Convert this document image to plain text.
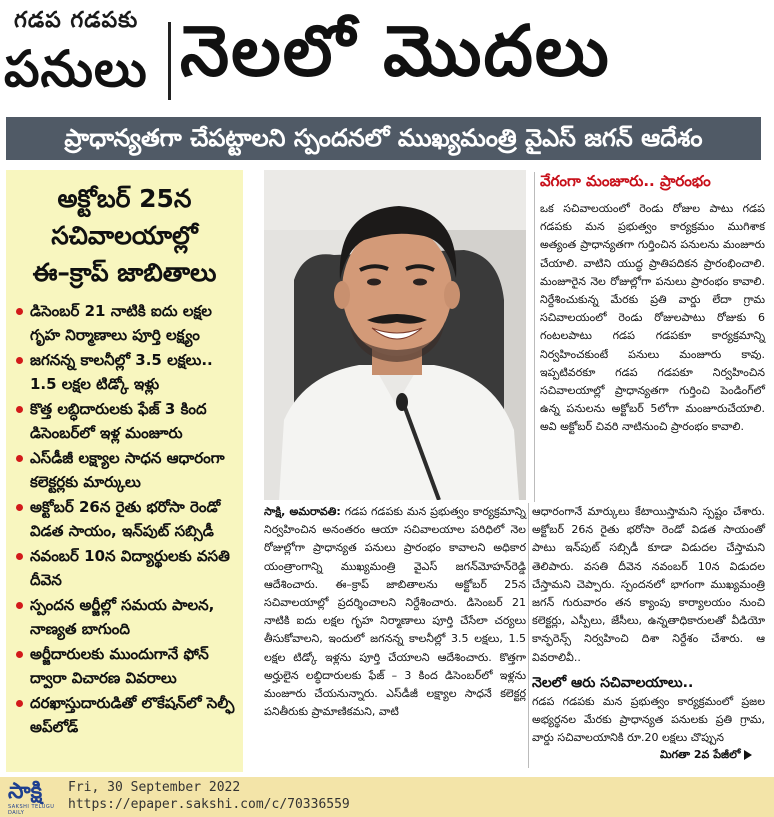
గడప గడపకు
పనులు నెలలో మొదలు
ప్రాధాన్యతగా చేపట్టాలని స్పందనలో ముఖ్యమంత్రి వైఎస్ జగన్ ఆదేశం
అక్టోబర్ 25న
సచివాలయాల్లో
ఈ–క్రాప్ జాబితాలు
డిసెంబర్ 21 నాటికి ఐదు లక్షల గృహ నిర్మాణాలు పూర్తి లక్ష్యం
జగనన్న కాలనీల్లో 3.5 లక్షలు.. 1.5 లక్షల టిడ్కో ఇళ్లు
కొత్త లబ్ధిదారులకు ఫేజ్ 3 కింద డిసెంబర్‌లో ఇళ్ల మంజూరు
ఎస్‌డీజీ లక్ష్యాల సాధన ఆధారంగా కలెక్టర్లకు మార్కులు
అక్టోబర్ 26న రైతు భరోసా రెండో విడత సాయం, ఇన్‌పుట్ సబ్సిడీ
నవంబర్ 10న విద్యార్థులకు వసతి దీవెన
స్పందన అర్జీల్లో సమయ పాలన, నాణ్యత బాగుంది
అర్జీదారులకు ముందుగానే ఫోన్ ద్వారా విచారణ వివరాలు
దరఖాస్తుదారుడితో లొకేషన్‌లో సెల్ఫీ అప్‌లోడ్
వేగంగా మంజూరు.. ప్రారంభం
ఒక సచివాలయంలో రెండు రోజుల పాటు గడప గడపకు మన ప్రభుత్వం కార్యక్రమం ముగిశాక అత్యంత ప్రాధాన్యతగా గుర్తించిన పనులను మంజూరు చేయాలి. వాటిని యుద్ధ ప్రాతిపదికన ప్రారంభించాలి. మంజూరైన నెల రోజుల్లోగా పనులు ప్రారంభం కావాలి. నిర్దేశించుకున్న మేరకు ప్రతి వార్డు లేదా గ్రామ సచివాలయంలో రెండు రోజులపాటు రోజుకు 6 గంటలపాటు గడప గడపకూ కార్యక్రమాన్ని నిర్వహించకుంటే పనులు మంజూరు కావు. ఇప్పటివరకూ గడప గడపకూ నిర్వహించిన సచివాలయాల్లో ప్రాధాన్యతగా గుర్తించి పెండింగ్‌లో ఉన్న పనులను అక్టోబర్ 5లోగా మంజూరుచేయాలి. అవి అక్టోబర్ చివరి నాటినుంచి ప్రారంభం కావాలి.
సాక్షి, అమరావతి: గడప గడపకు మన ప్రభుత్వం కార్యక్రమాన్ని నిర్వహించిన అనంతరం ఆయా సచివాలయాల పరిధిలో నెల రోజుల్లోగా ప్రాధాన్యత పనులు ప్రారంభం కావాలని అధికార యంత్రాంగాన్ని ముఖ్యమంత్రి వైఎస్ జగన్‌మోహన్‌రెడ్డి ఆదేశించారు. ఈ–క్రాప్ జాబితాలను అక్టోబర్ 25న సచివాలయాల్లో ప్రదర్శించాలని నిర్దేశించారు. డిసెంబర్ 21 నాటికి ఐదు లక్షల గృహ నిర్మాణాలు పూర్తి చేసేలా చర్యలు తీసుకోవాలని, ఇందులో జగనన్న కాలనీల్లో 3.5 లక్షలు, 1.5 లక్షల టిడ్కో ఇళ్లను పూర్తి చేయాలని ఆదేశించారు. కొత్తగా అర్హులైన లబ్ధిదారులకు ఫేజ్ – 3 కింద డిసెంబర్‌లో ఇళ్లను మంజూరు చేయనున్నారు. ఎస్‌డీజీ లక్ష్యాల సాధనే కలెక్టర్ల పనితీరుకు ప్రామాణికమని, వాటి
ఆధారంగానే మార్కులు కేటాయిస్తామని స్పష్టం చేశారు. అక్టోబర్ 26న రైతు భరోసా రెండో విడత సాయంతో పాటు ఇన్‌పుట్ సబ్సిడీ కూడా విడుదల చేస్తామని తెలిపారు. వసతి దీవెన నవంబర్ 10న విడుదల చేస్తామని చెప్పారు. స్పందనలో భాగంగా ముఖ్యమంత్రి జగన్ గురువారం తన క్యాంపు కార్యాలయం నుంచి కలెక్టర్లు, ఎస్పీలు, జేసీలు, ఉన్నతాధికారులతో వీడియో కాన్ఫరెన్స్ నిర్వహించి దిశా నిర్దేశం చేశారు. ఆ వివరాలివీ..
నెలలో ఆరు సచివాలయాలు..
గడప గడపకు మన ప్రభుత్వం కార్యక్రమంలో ప్రజల అభ్యర్థనల మేరకు ప్రాధాన్యత పనులకు ప్రతి గ్రామ, వార్డు సచివాలయానికి రూ.20 లక్షలు చొప్పున
మిగతా 2వ పేజీలో
సాక్షి
SAKSHI TELUGU DAILY
Fri, 30 September 2022
https://epaper.sakshi.com/c/70336559
